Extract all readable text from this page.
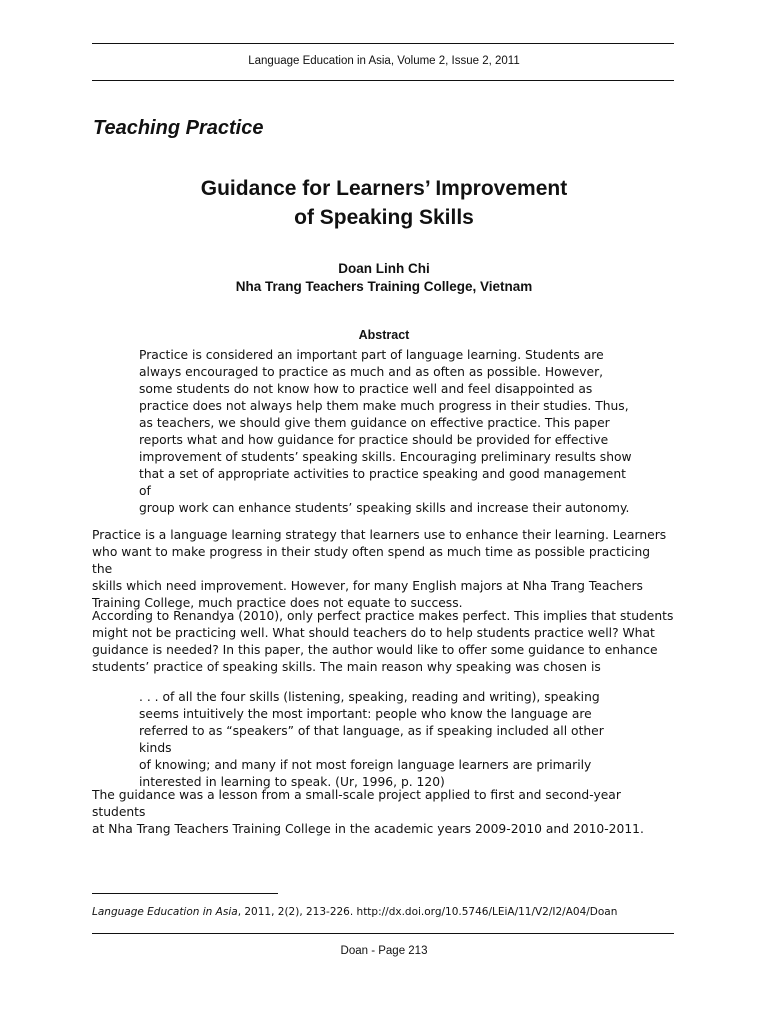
Language Education in Asia, Volume 2, Issue 2, 2011
Teaching Practice
Guidance for Learners’ Improvement
of Speaking Skills
Doan Linh Chi
Nha Trang Teachers Training College, Vietnam
Abstract
Practice is considered an important part of language learning. Students are
always encouraged to practice as much and as often as possible. However,
some students do not know how to practice well and feel disappointed as
practice does not always help them make much progress in their studies. Thus,
as teachers, we should give them guidance on effective practice. This paper
reports what and how guidance for practice should be provided for effective
improvement of students’ speaking skills. Encouraging preliminary results show
that a set of appropriate activities to practice speaking and good management of
group work can enhance students’ speaking skills and increase their autonomy.
Practice is a language learning strategy that learners use to enhance their learning. Learners
who want to make progress in their study often spend as much time as possible practicing the
skills which need improvement. However, for many English majors at Nha Trang Teachers
Training College, much practice does not equate to success.
According to Renandya (2010), only perfect practice makes perfect. This implies that students
might not be practicing well. What should teachers do to help students practice well? What
guidance is needed? In this paper, the author would like to offer some guidance to enhance
students’ practice of speaking skills. The main reason why speaking was chosen is
. . . of all the four skills (listening, speaking, reading and writing), speaking
seems intuitively the most important: people who know the language are
referred to as “speakers” of that language, as if speaking included all other kinds
of knowing; and many if not most foreign language learners are primarily
interested in learning to speak. (Ur, 1996, p. 120)
The guidance was a lesson from a small-scale project applied to first and second-year students
at Nha Trang Teachers Training College in the academic years 2009-2010 and 2010-2011.
Language Education in Asia, 2011, 2(2), 213-226. http://dx.doi.org/10.5746/LEiA/11/V2/I2/A04/Doan
Doan - Page 213
